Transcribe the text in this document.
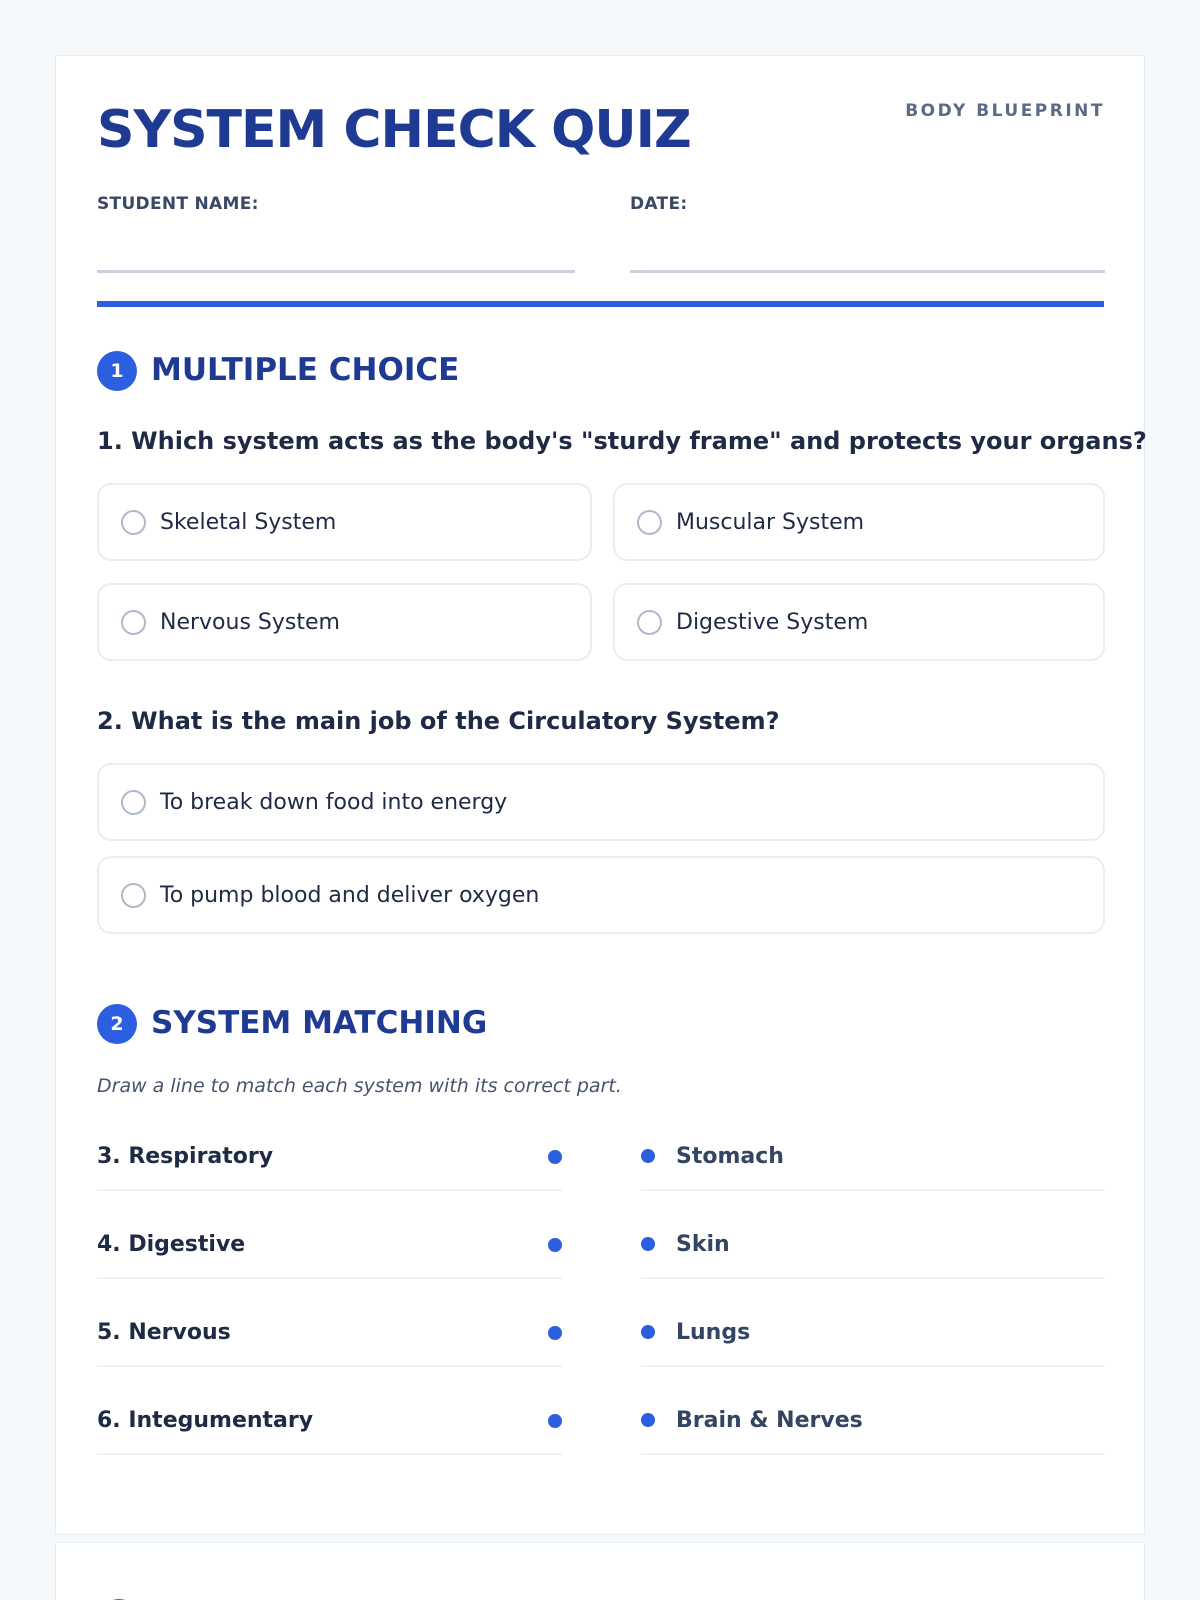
SYSTEM CHECK QUIZ	BODY BLUEPRINT
STUDENT NAME:	DATE:
1 MULTIPLE CHOICE
1. Which system acts as the body's "sturdy frame" and protects your organs?
Skeletal System	Muscular System
Nervous System	Digestive System
2. What is the main job of the Circulatory System?
To break down food into energy
To pump blood and deliver oxygen
2 SYSTEM MATCHING
Draw a line to match each system with its correct part.
3. Respiratory	Stomach
4. Digestive	Skin
5. Nervous	Lungs
6. Integumentary	Brain & Nerves
